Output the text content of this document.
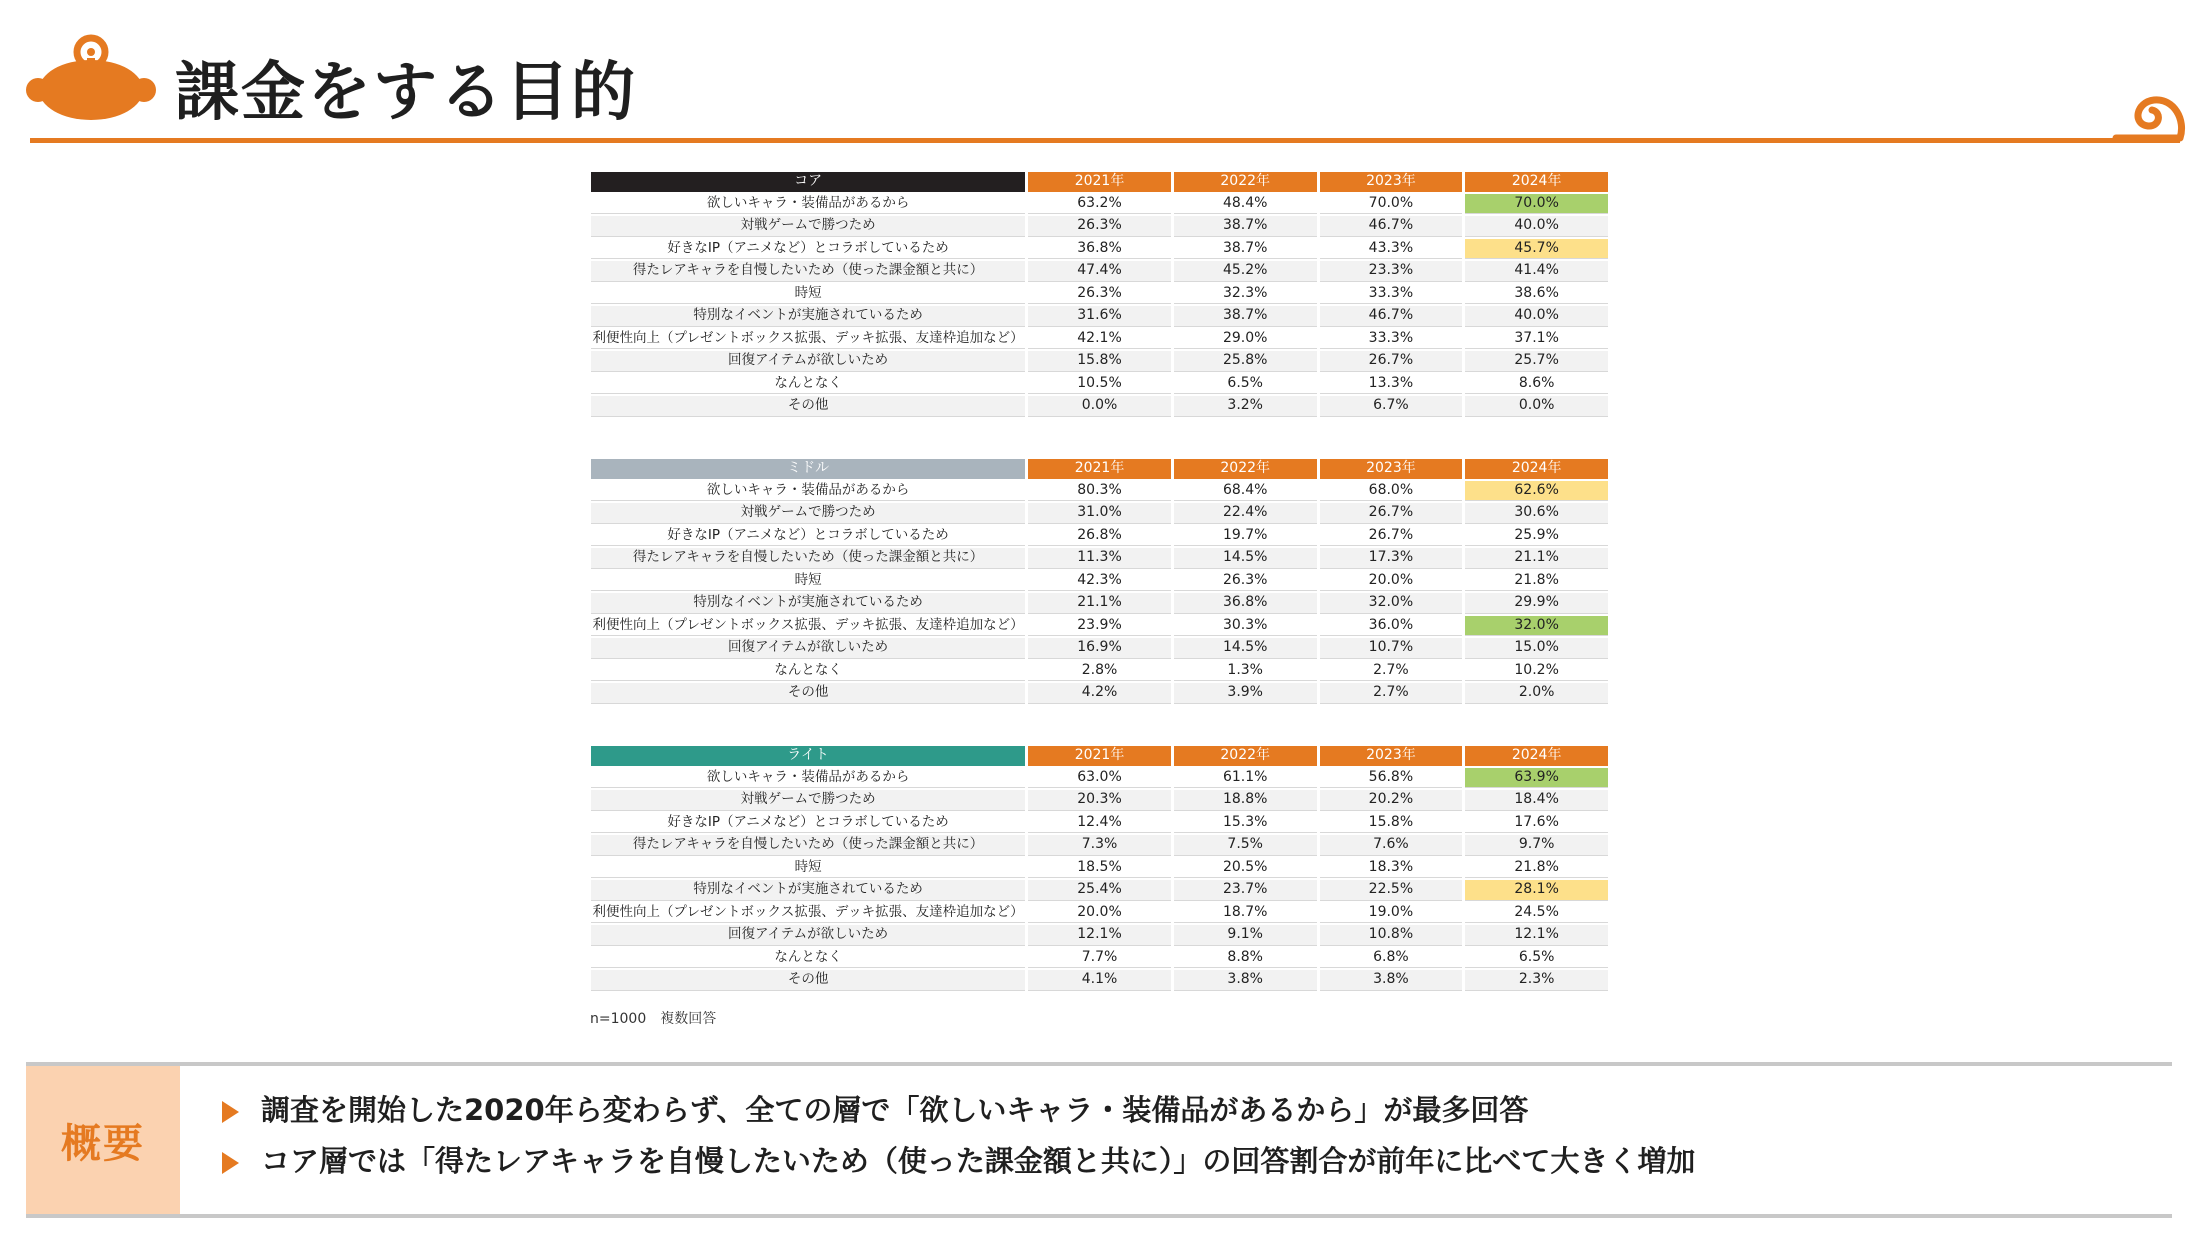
課金をする目的
コア	2021年	2022年	2023年	2024年
欲しいキャラ・装備品があるから	63.2%	48.4%	70.0%	70.0%
対戦ゲームで勝つため	26.3%	38.7%	46.7%	40.0%
好きなIP（アニメなど）とコラボしているため	36.8%	38.7%	43.3%	45.7%
得たレアキャラを自慢したいため（使った課金額と共に）	47.4%	45.2%	23.3%	41.4%
時短	26.3%	32.3%	33.3%	38.6%
特別なイベントが実施されているため	31.6%	38.7%	46.7%	40.0%
利便性向上（プレゼントボックス拡張、デッキ拡張、友達枠追加など）	42.1%	29.0%	33.3%	37.1%
回復アイテムが欲しいため	15.8%	25.8%	26.7%	25.7%
なんとなく	10.5%	6.5%	13.3%	8.6%
その他	0.0%	3.2%	6.7%	0.0%
ミドル	2021年	2022年	2023年	2024年
欲しいキャラ・装備品があるから	80.3%	68.4%	68.0%	62.6%
対戦ゲームで勝つため	31.0%	22.4%	26.7%	30.6%
好きなIP（アニメなど）とコラボしているため	26.8%	19.7%	26.7%	25.9%
得たレアキャラを自慢したいため（使った課金額と共に）	11.3%	14.5%	17.3%	21.1%
時短	42.3%	26.3%	20.0%	21.8%
特別なイベントが実施されているため	21.1%	36.8%	32.0%	29.9%
利便性向上（プレゼントボックス拡張、デッキ拡張、友達枠追加など）	23.9%	30.3%	36.0%	32.0%
回復アイテムが欲しいため	16.9%	14.5%	10.7%	15.0%
なんとなく	2.8%	1.3%	2.7%	10.2%
その他	4.2%	3.9%	2.7%	2.0%
ライト	2021年	2022年	2023年	2024年
欲しいキャラ・装備品があるから	63.0%	61.1%	56.8%	63.9%
対戦ゲームで勝つため	20.3%	18.8%	20.2%	18.4%
好きなIP（アニメなど）とコラボしているため	12.4%	15.3%	15.8%	17.6%
得たレアキャラを自慢したいため（使った課金額と共に）	7.3%	7.5%	7.6%	9.7%
時短	18.5%	20.5%	18.3%	21.8%
特別なイベントが実施されているため	25.4%	23.7%	22.5%	28.1%
利便性向上（プレゼントボックス拡張、デッキ拡張、友達枠追加など）	20.0%	18.7%	19.0%	24.5%
回復アイテムが欲しいため	12.1%	9.1%	10.8%	12.1%
なんとなく	7.7%	8.8%	6.8%	6.5%
その他	4.1%	3.8%	3.8%	2.3%
n=1000　複数回答
概要
調査を開始した2020年ら変わらず、全ての層で「欲しいキャラ・装備品があるから」が最多回答
コア層では「得たレアキャラを自慢したいため（使った課金額と共に）」の回答割合が前年に比べて大きく増加
